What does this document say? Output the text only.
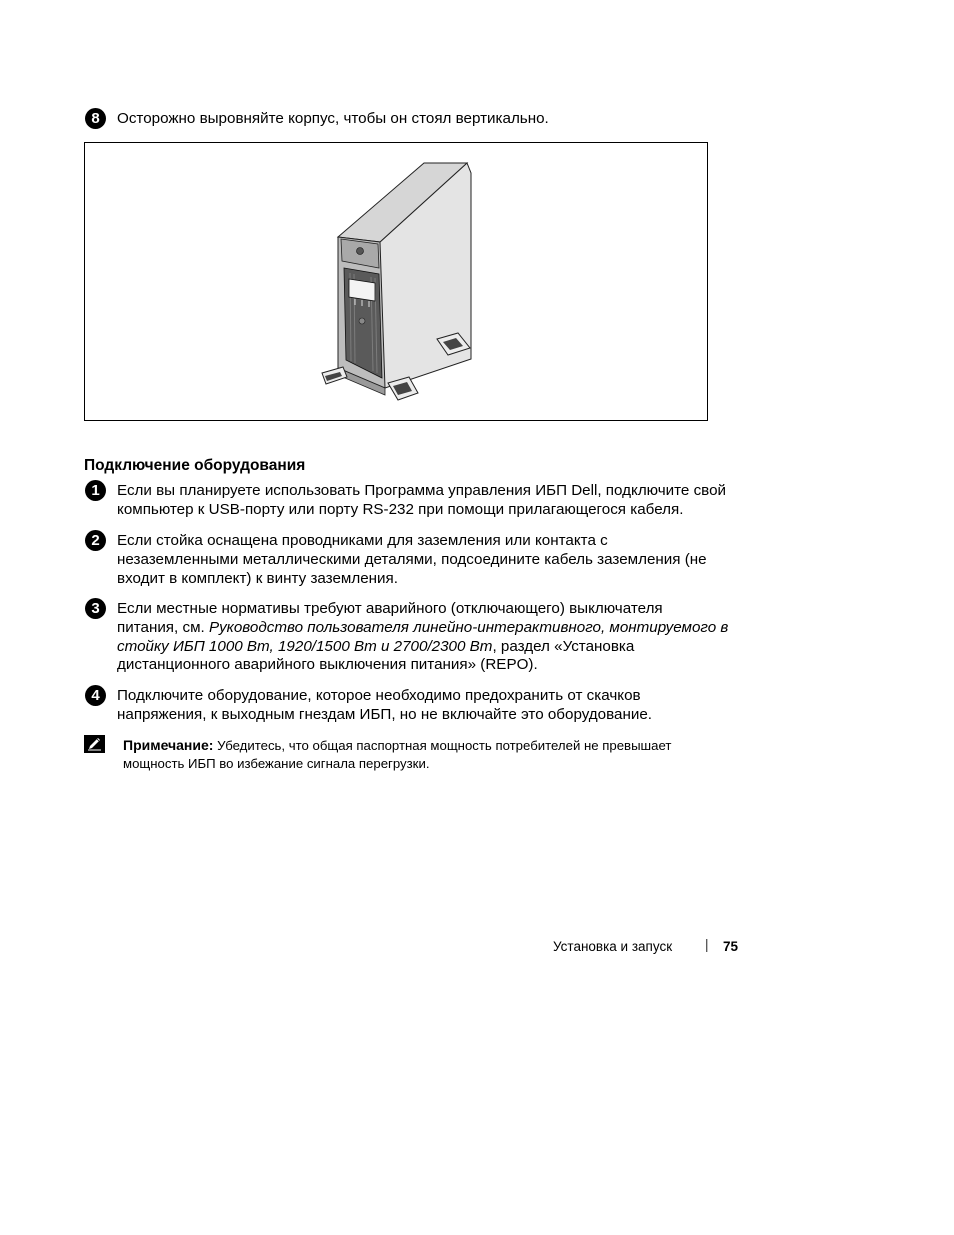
8	Осторожно выровняйте корпус, чтобы он стоял вертикально.
Подключение оборудования
1	Если вы планируете использовать Программа управления ИБП Dell, подключите свой
компьютер к USB-порту или порту RS-232 при помощи прилагающегося кабеля.
2	Если стойка оснащена проводниками для заземления или контакта с
незаземленными металлическими деталями, подсоедините кабель заземления (не
входит в комплект) к винту заземления.
3	Если местные нормативы требуют аварийного (отключающего) выключателя
питания, см. Руководство пользователя линейно-интерактивного, монтируемого в
стойку ИБП 1000 Вт, 1920/1500 Вт и 2700/2300 Вт, раздел «Установка
дистанционного аварийного выключения питания» (REPO).
4	Подключите оборудование, которое необходимо предохранить от скачков
напряжения, к выходным гнездам ИБП, но не включайте это оборудование.
Примечание: Убедитесь, что общая паспортная мощность потребителей не превышает
мощность ИБП во избежание сигнала перегрузки.
Установка и запуск | 75
